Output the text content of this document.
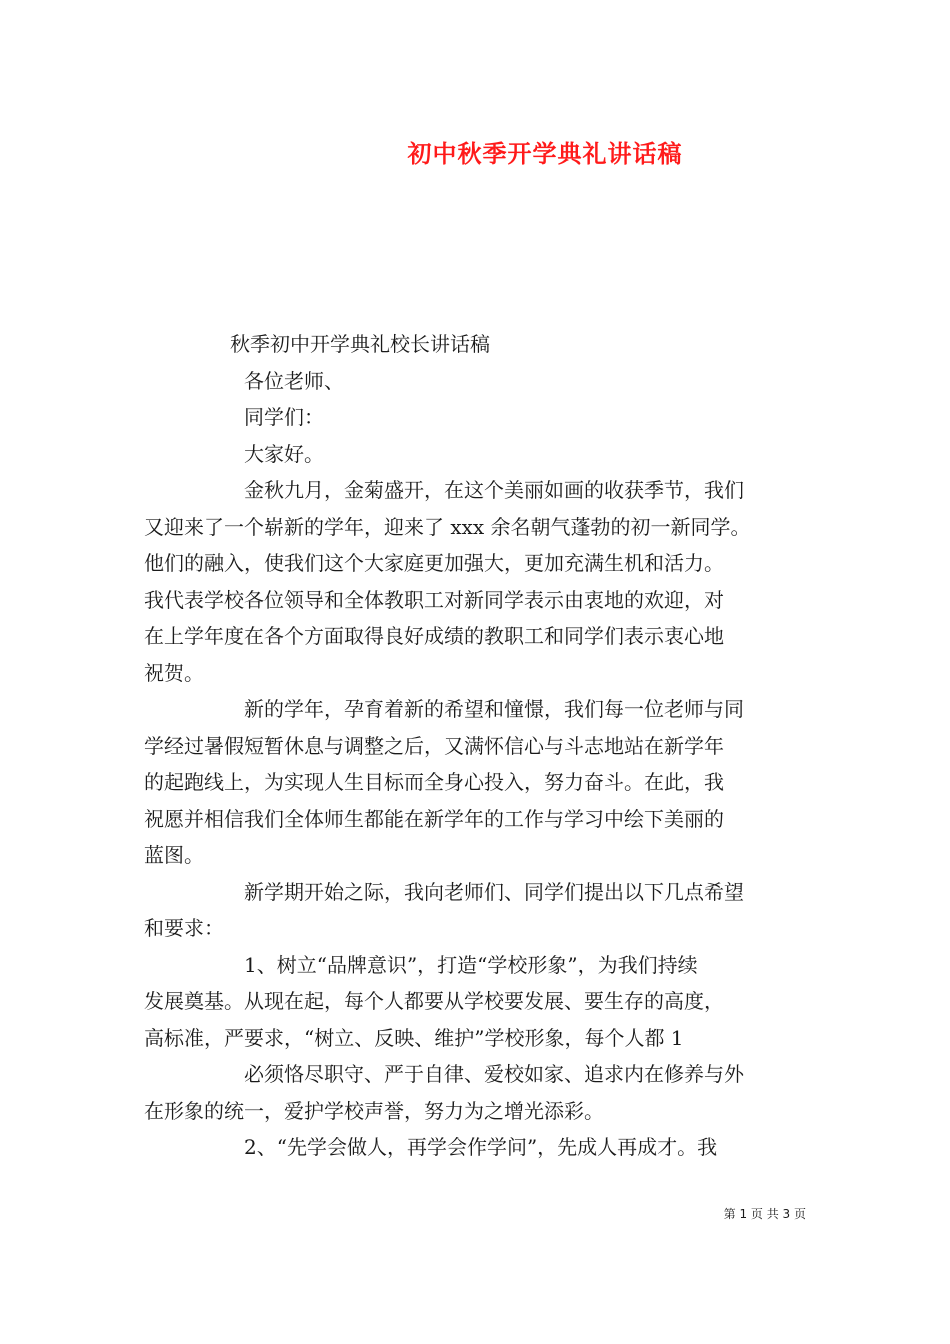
初中秋季开学典礼讲话稿
秋季初中开学典礼校长讲话稿
各位老师、
同学们：
大家好。
金秋九月，金菊盛开，在这个美丽如画的收获季节，我们
又迎来了一个崭新的学年，迎来了 xxx 余名朝气蓬勃的初一新同学。
他们的融入，使我们这个大家庭更加强大，更加充满生机和活力。
我代表学校各位领导和全体教职工对新同学表示由衷地的欢迎，对
在上学年度在各个方面取得良好成绩的教职工和同学们表示衷心地
祝贺。
新的学年，孕育着新的希望和憧憬，我们每一位老师与同
学经过暑假短暂休息与调整之后，又满怀信心与斗志地站在新学年
的起跑线上，为实现人生目标而全身心投入，努力奋斗。在此，我
祝愿并相信我们全体师生都能在新学年的工作与学习中绘下美丽的
蓝图。
新学期开始之际，我向老师们、同学们提出以下几点希望
和要求：
1、树立“品牌意识”，打造“学校形象”，为我们持续
发展奠基。从现在起，每个人都要从学校要发展、要生存的高度，
高标准，严要求，“树立、反映、维护”学校形象，每个人都 1
必须恪尽职守、严于自律、爱校如家、追求内在修养与外
在形象的统一，爱护学校声誉，努力为之增光添彩。
2、“先学会做人，再学会作学问”，先成人再成才。我
第 1 页 共 3 页
